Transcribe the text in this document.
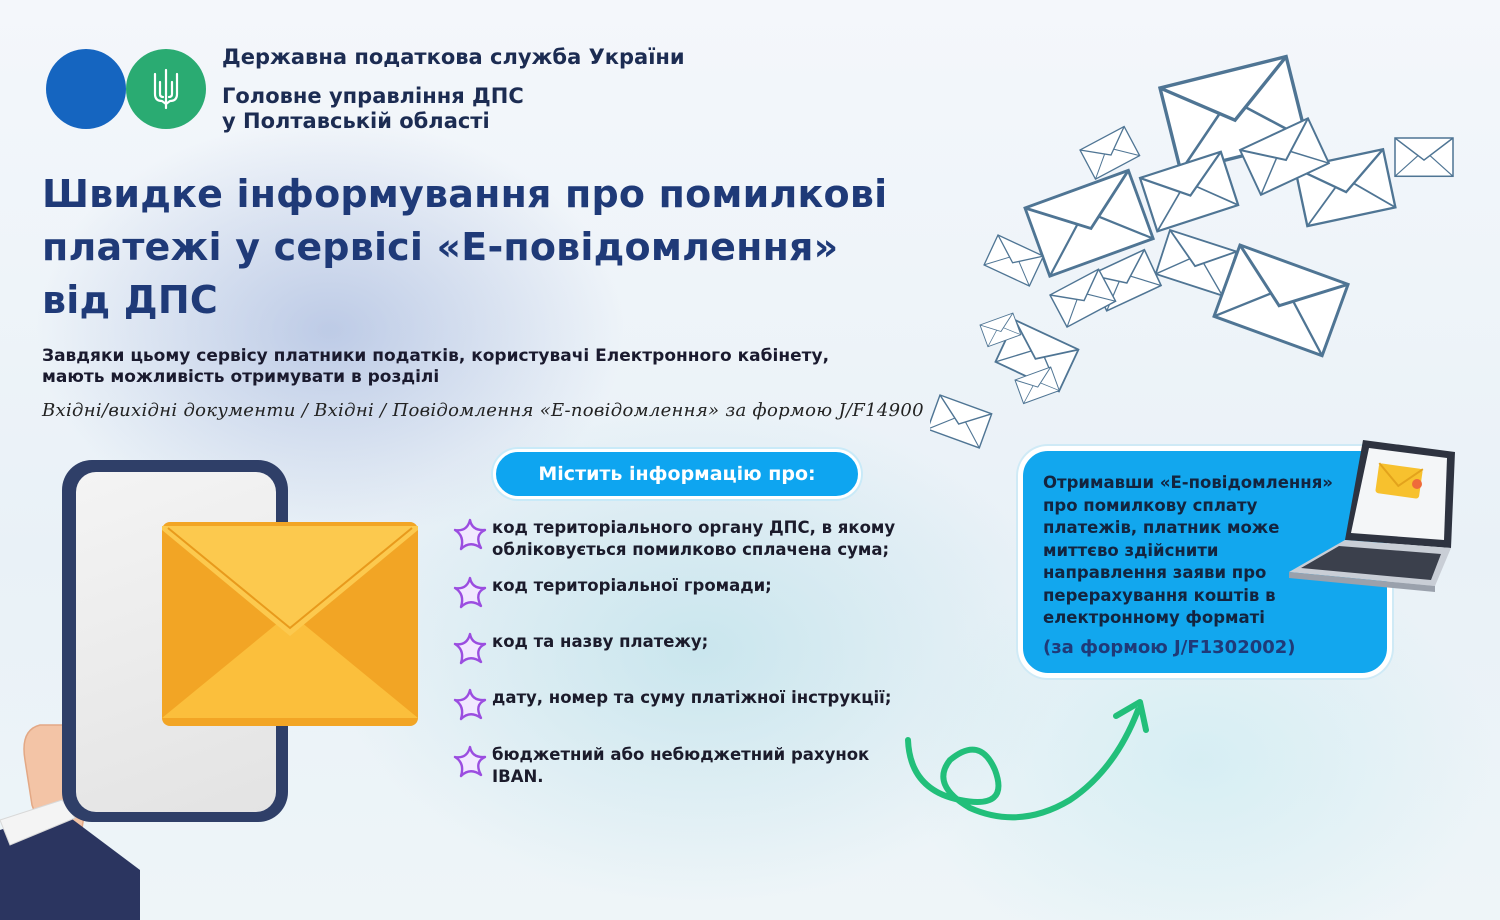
Державна податкова служба України
Головне управління ДПС
у Полтавській області
Швидке інформування про помилкові
платежі у сервісі «Е-повідомлення»
від ДПС
Завдяки цьому сервісу платники податків, користувачі Електронного кабінету,
мають можливість отримувати в розділі
Вхідні/вихідні документи / Вхідні / Повідомлення «Е-повідомлення» за формою J/F14900
Містить інформацію про:
код територіального органу ДПС, в якому
обліковується помилково сплачена сума;
код територіальної громади;
код та назву платежу;
дату, номер та суму платіжної інструкції;
бюджетний або небюджетний рахунок
IBAN.
Отримавши «Е-повідомлення»
про помилкову сплату
платежів, платник може
миттєво здійснити
направлення заяви про
перерахування коштів в
електронному форматі
(за формою J/F1302002)
